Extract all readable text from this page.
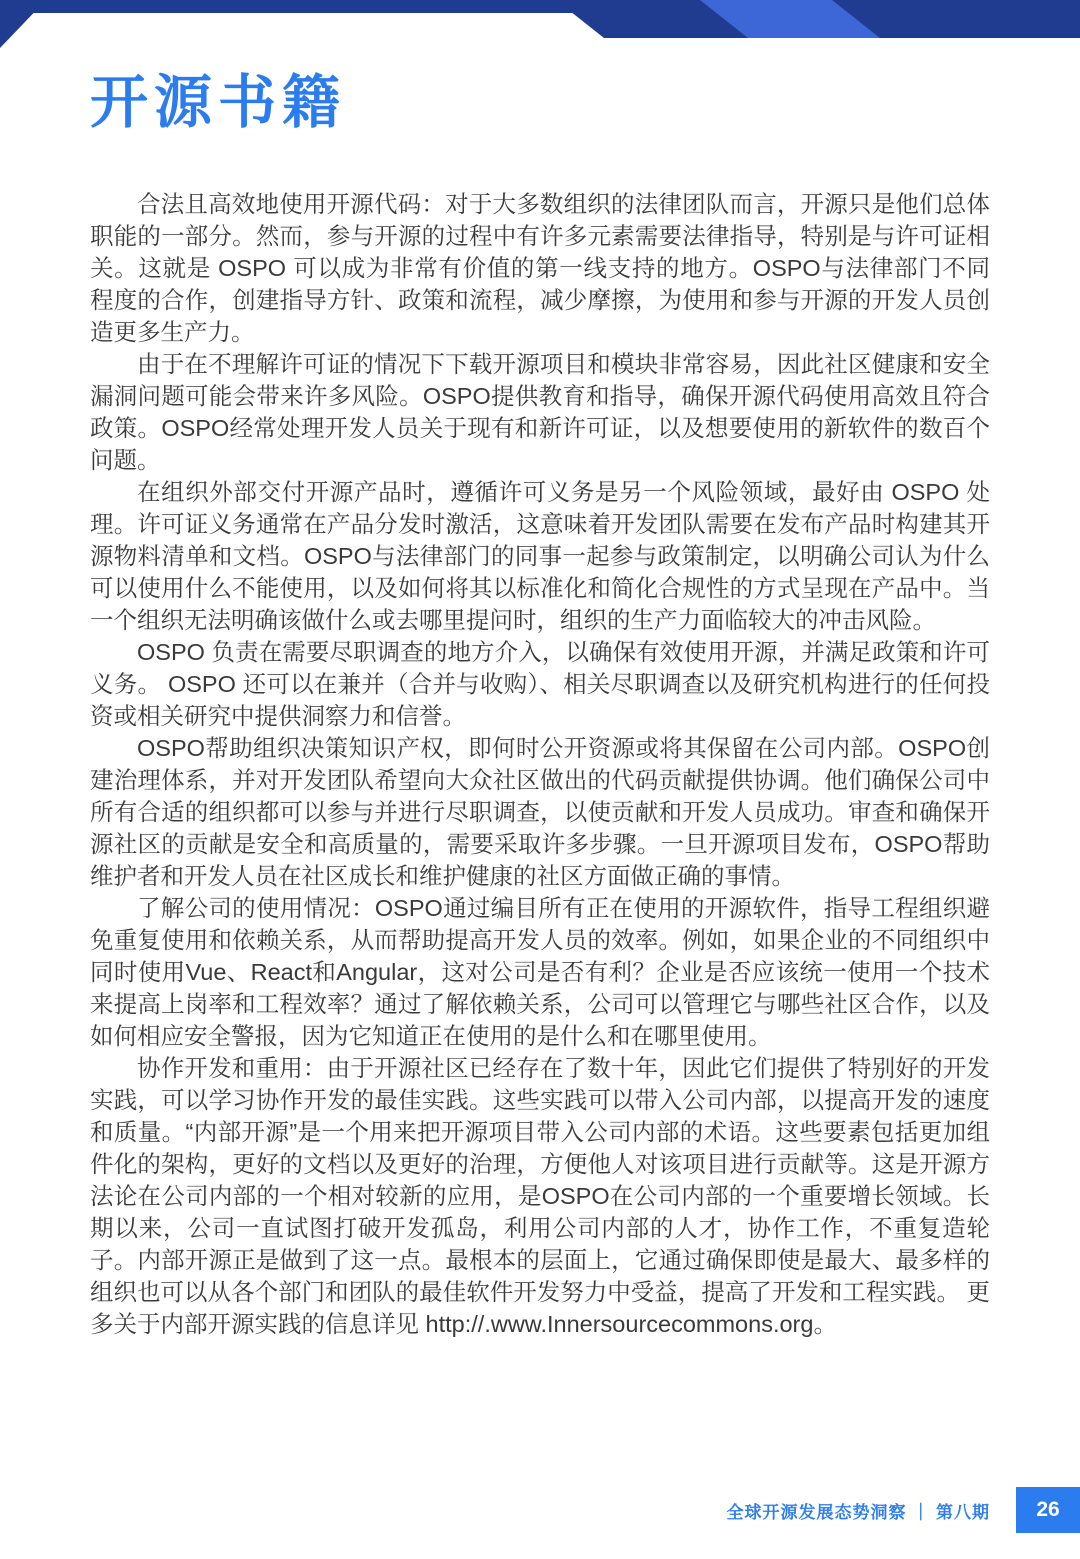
开源书籍

合法且高效地使用开源代码：对于大多数组织的法律团队而言，开源只是他们总体职能的一部分。然而，参与开源的过程中有许多元素需要法律指导，特别是与许可证相关。这就是 OSPO 可以成为非常有价值的第一线支持的地方。OSPO与法律部门不同程度的合作，创建指导方针、政策和流程，减少摩擦，为使用和参与开源的开发人员创造更多生产力。

由于在不理解许可证的情况下下载开源项目和模块非常容易，因此社区健康和安全漏洞问题可能会带来许多风险。OSPO提供教育和指导，确保开源代码使用高效且符合政策。OSPO经常处理开发人员关于现有和新许可证，以及想要使用的新软件的数百个问题。

在组织外部交付开源产品时，遵循许可义务是另一个风险领域，最好由 OSPO 处理。许可证义务通常在产品分发时激活，这意味着开发团队需要在发布产品时构建其开源物料清单和文档。OSPO与法律部门的同事一起参与政策制定，以明确公司认为什么可以使用什么不能使用，以及如何将其以标准化和简化合规性的方式呈现在产品中。当一个组织无法明确该做什么或去哪里提问时，组织的生产力面临较大的冲击风险。

OSPO 负责在需要尽职调查的地方介入，以确保有效使用开源，并满足政策和许可义务。 OSPO 还可以在兼并（合并与收购）、相关尽职调查以及研究机构进行的任何投资或相关研究中提供洞察力和信誉。

OSPO帮助组织决策知识产权，即何时公开资源或将其保留在公司内部。OSPO创建治理体系，并对开发团队希望向大众社区做出的代码贡献提供协调。他们确保公司中所有合适的组织都可以参与并进行尽职调查，以使贡献和开发人员成功。审查和确保开源社区的贡献是安全和高质量的，需要采取许多步骤。一旦开源项目发布，OSPO帮助维护者和开发人员在社区成长和维护健康的社区方面做正确的事情。

了解公司的使用情况：OSPO通过编目所有正在使用的开源软件，指导工程组织避免重复使用和依赖关系，从而帮助提高开发人员的效率。例如，如果企业的不同组织中同时使用Vue、React和Angular，这对公司是否有利？企业是否应该统一使用一个技术来提高上岗率和工程效率？通过了解依赖关系，公司可以管理它与哪些社区合作，以及如何相应安全警报，因为它知道正在使用的是什么和在哪里使用。

协作开发和重用：由于开源社区已经存在了数十年，因此它们提供了特别好的开发实践，可以学习协作开发的最佳实践。这些实践可以带入公司内部，以提高开发的速度和质量。“内部开源”是一个用来把开源项目带入公司内部的术语。这些要素包括更加组件化的架构，更好的文档以及更好的治理，方便他人对该项目进行贡献等。这是开源方法论在公司内部的一个相对较新的应用，是OSPO在公司内部的一个重要增长领域。长期以来，公司一直试图打破开发孤岛，利用公司内部的人才，协作工作，不重复造轮子。内部开源正是做到了这一点。最根本的层面上，它通过确保即使是最大、最多样的组织也可以从各个部门和团队的最佳软件开发努力中受益，提高了开发和工程实践。 更多关于内部开源实践的信息详见 http://.www.Innersourcecommons.org。

全球开源发展态势洞察 ｜ 第八期	26
